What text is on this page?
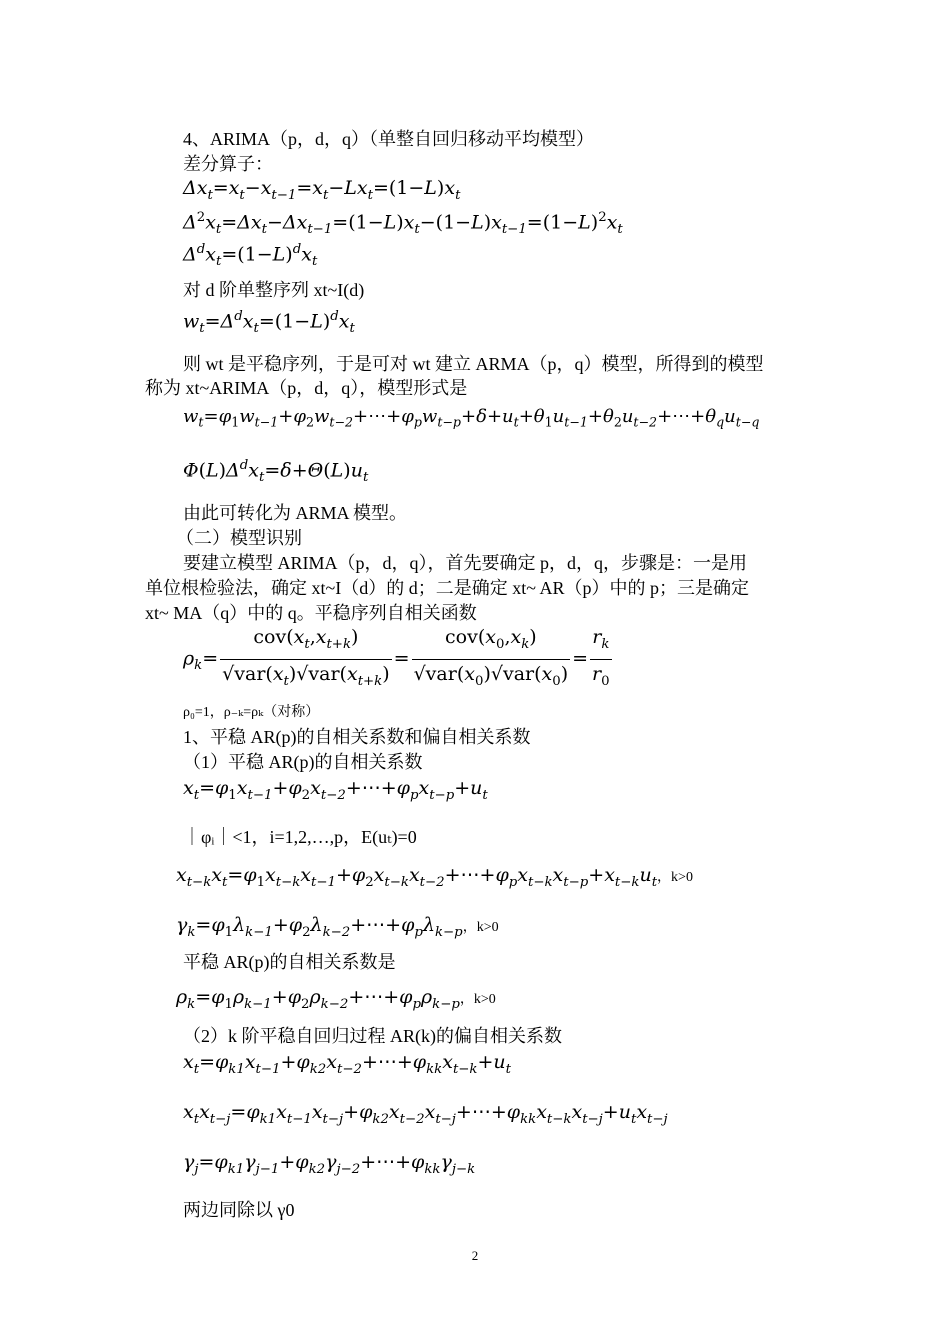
4、ARIMA（p，d，q）（单整自回归移动平均模型）
差分算子：
$\Delta x_t=x_t-x_{t-1}=x_t-Lx_t=(1-L)x_t$
$\Delta^2x_t=\Delta x_t-\Delta x_{t-1}=(1-L)x_t-(1-L)x_{t-1}=(1-L)^2x_t$
$\Delta^dx_t=(1-L)^dx_t$
对 d 阶单整序列 xt~I(d)
$w_t=\Delta^dx_t=(1-L)^dx_t$
则 wt 是平稳序列，于是可对 wt 建立 ARMA（p，q）模型，所得到的模型
称为 xt~ARIMA（p，d，q），模型形式是
$w_t=\varphi_1w_{t-1}+\varphi_2w_{t-2}+\cdots+\varphi_pw_{t-p}+\delta+u_t+\theta_1u_{t-1}+\theta_2u_{t-2}+\cdots+\theta_qu_{t-q}$
$\Phi(L)\Delta^dx_t=\delta+\Theta(L)u_t$
由此可转化为 ARMA 模型。
（二）模型识别
要建立模型 ARIMA（p，d，q），首先要确定 p，d，q，步骤是：一是用
单位根检验法，确定 xt~I（d）的 d；二是确定 xt~ AR（p）中的 p；三是确定
xt~ MA（q）中的 q。平稳序列自相关函数
$\rho_k= \frac{cov(x_t,x_{t+k})}{√var(x_t)√var(x_{t+k})} = \frac{cov(x_0,x_k)}{√var(x_0)√var(x_0)} = \frac{r_k}{r_0}$
ρ₀=1，ρ₋ₖ=ρₖ（对称）
1、平稳 AR(p)的自相关系数和偏自相关系数
（1）平稳 AR(p)的自相关系数
$x_t=\varphi_1x_{t-1}+\varphi_2x_{t-2}+\cdots+\varphi_px_{t-p}+u_t$
｜φᵢ｜<1，i=1,2,…,p，E(uₜ)=0
$x_{t-k}x_t=\varphi_1x_{t-k}x_{t-1}+\varphi_2x_{t-k}x_{t-2}+\cdots+\varphi_px_{t-k}x_{t-p}+x_{t-k}u_t$，k>0
$\gamma_k=\varphi_1\lambda_{k-1}+\varphi_2\lambda_{k-2}+\cdots+\varphi_p\lambda_{k-p}$，k>0
平稳 AR(p)的自相关系数是
$\rho_k=\varphi_1\rho_{k-1}+\varphi_2\rho_{k-2}+\cdots+\varphi_p\rho_{k-p}$，k>0
（2）k 阶平稳自回归过程 AR(k)的偏自相关系数
$x_t=\varphi_{k1}x_{t-1}+\varphi_{k2}x_{t-2}+\cdots+\varphi_{kk}x_{t-k}+u_t$
$x_tx_{t-j}=\varphi_{k1}x_{t-1}x_{t-j}+\varphi_{k2}x_{t-2}x_{t-j}+\cdots+\varphi_{kk}x_{t-k}x_{t-j}+u_tx_{t-j}$
$\gamma_j=\varphi_{k1}\gamma_{j-1}+\varphi_{k2}\gamma_{j-2}+\cdots+\varphi_{kk}\gamma_{j-k}$
两边同除以 γ0
2
